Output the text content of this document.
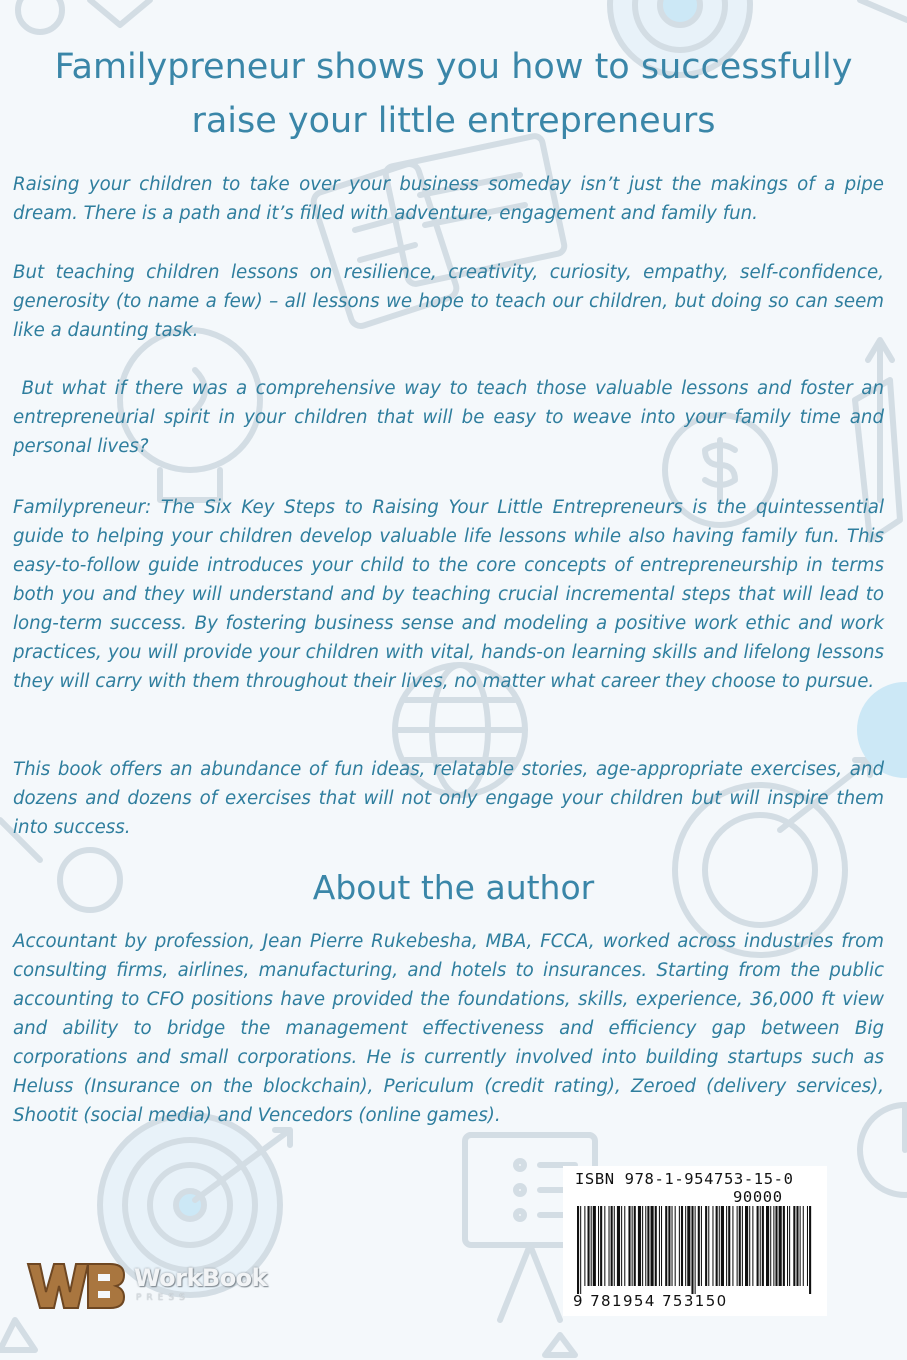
Familypreneur shows you how to successfully
raise your little entrepreneurs

Raising your children to take over your business someday isn’t just the makings of a pipe dream. There is a path and it’s filled with adventure, engagement and family fun.

But teaching children lessons on resilience, creativity, curiosity, empathy, self-confidence, generosity (to name a few) – all lessons we hope to teach our children, but doing so can seem like a daunting task.

But what if there was a comprehensive way to teach those valuable lessons and foster an entrepreneurial spirit in your children that will be easy to weave into your family time and personal lives?

Familypreneur: The Six Key Steps to Raising Your Little Entrepreneurs is the quintessential guide to helping your children develop valuable life lessons while also having family fun. This easy-to-follow guide introduces your child to the core concepts of entrepreneurship in terms both you and they will understand and by teaching crucial incremental steps that will lead to long-term success. By fostering business sense and modeling a positive work ethic and work practices, you will provide your children with vital, hands-on learning skills and lifelong lessons they will carry with them throughout their lives, no matter what career they choose to pursue.

This book offers an abundance of fun ideas, relatable stories, age-appropriate exercises, and dozens and dozens of exercises that will not only engage your children but will inspire them into success.

About the author

Accountant by profession, Jean Pierre Rukebesha, MBA, FCCA, worked across industries from consulting firms, airlines, manufacturing, and hotels to insurances. Starting from the public accounting to CFO positions have provided the foundations, skills, experience, 36,000 ft view and ability to bridge the management effectiveness and efficiency gap between Big corporations and small corporations. He is currently involved into building startups such as Heluss (Insurance on the blockchain), Periculum (credit rating), Zeroed (delivery services), Shootit (social media) and Vencedors (online games).

WorkBook
PRESS
ISBN 978-1-954753-15-0
90000
9 781954 753150
